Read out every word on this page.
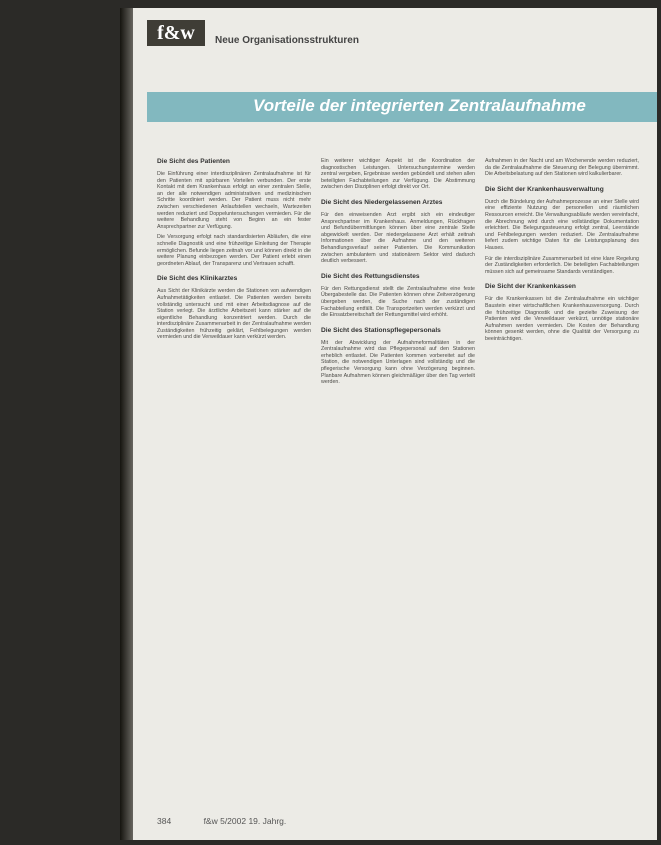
f&w	Neue Organisationsstrukturen
Vorteile der integrierten Zentralaufnahme
Die Sicht des Patienten

Die Einführung einer interdisziplinären Zentralaufnahme ist für den Patienten mit spürbaren Vorteilen verbunden. Der erste Kontakt mit dem Krankenhaus erfolgt an einer zentralen Stelle, an der alle notwendigen administrativen und medizinischen Schritte koordiniert werden. Der Patient muss nicht mehr zwischen verschiedenen Anlaufstellen wechseln, Wartezeiten werden reduziert und Doppeluntersuchungen vermieden. Für die weitere Behandlung steht von Beginn an ein fester Ansprechpartner zur Verfügung.

Die Versorgung erfolgt nach standardisierten Abläufen, die eine schnelle Diagnostik und eine frühzeitige Einleitung der Therapie ermöglichen. Befunde liegen zeitnah vor und können direkt in die weitere Planung einbezogen werden. Der Patient erlebt einen geordneten Ablauf, der Transparenz und Vertrauen schafft.

Die Sicht des Klinikarztes

Aus Sicht der Klinikärzte werden die Stationen von aufwendigen Aufnahmetätigkeiten entlastet. Die Patienten werden bereits vollständig untersucht und mit einer Arbeitsdiagnose auf die Station verlegt. Die ärztliche Arbeitszeit kann stärker auf die eigentliche Behandlung konzentriert werden. Durch die interdisziplinäre Zusammenarbeit in der Zentralaufnahme werden Zuständigkeiten frühzeitig geklärt, Fehlbelegungen werden vermieden und die Verweildauer kann verkürzt werden.

Ein weiterer wichtiger Aspekt ist die Koordination der diagnostischen Leistungen. Untersuchungstermine werden zentral vergeben, Ergebnisse werden gebündelt und stehen allen beteiligten Fachabteilungen zur Verfügung. Die Abstimmung zwischen den Disziplinen erfolgt direkt vor Ort.

Die Sicht des Niedergelassenen Arztes

Für den einweisenden Arzt ergibt sich ein eindeutiger Ansprechpartner im Krankenhaus. Anmeldungen, Rückfragen und Befundübermittlungen können über eine zentrale Stelle abgewickelt werden. Der niedergelassene Arzt erhält zeitnah Informationen über die Aufnahme und den weiteren Behandlungsverlauf seiner Patienten. Die Kommunikation zwischen ambulantem und stationärem Sektor wird dadurch deutlich verbessert.

Die Sicht des Rettungsdienstes

Für den Rettungsdienst stellt die Zentralaufnahme eine feste Übergabestelle dar. Die Patienten können ohne Zeitverzögerung übergeben werden, die Suche nach der zuständigen Fachabteilung entfällt. Die Transportzeiten werden verkürzt und die Einsatzbereitschaft der Rettungsmittel wird erhöht.

Die Sicht des Stationspflegepersonals

Mit der Abwicklung der Aufnahmeformalitäten in der Zentralaufnahme wird das Pflegepersonal auf den Stationen erheblich entlastet. Die Patienten kommen vorbereitet auf die Station, die notwendigen Unterlagen sind vollständig und die pflegerische Versorgung kann ohne Verzögerung beginnen. Planbare Aufnahmen können gleichmäßiger über den Tag verteilt werden.

Aufnahmen in der Nacht und am Wochenende werden reduziert, da die Zentralaufnahme die Steuerung der Belegung übernimmt. Die Arbeitsbelastung auf den Stationen wird kalkulierbarer.

Die Sicht der Krankenhausverwaltung

Durch die Bündelung der Aufnahmeprozesse an einer Stelle wird eine effiziente Nutzung der personellen und räumlichen Ressourcen erreicht. Die Verwaltungsabläufe werden vereinfacht, die Abrechnung wird durch eine vollständige Dokumentation erleichtert. Die Belegungssteuerung erfolgt zentral, Leerstände und Fehlbelegungen werden reduziert. Die Zentralaufnahme liefert zudem wichtige Daten für die Leistungsplanung des Hauses.

Für die interdisziplinäre Zusammenarbeit ist eine klare Regelung der Zuständigkeiten erforderlich. Die beteiligten Fachabteilungen müssen sich auf gemeinsame Standards verständigen.

Die Sicht der Krankenkassen

Für die Krankenkassen ist die Zentralaufnahme ein wichtiger Baustein einer wirtschaftlichen Krankenhausversorgung. Durch die frühzeitige Diagnostik und die gezielte Zuweisung der Patienten wird die Verweildauer verkürzt, unnötige stationäre Aufnahmen werden vermieden. Die Kosten der Behandlung können gesenkt werden, ohne die Qualität der Versorgung zu beeinträchtigen.

384	f&w 5/2002 19. Jahrg.
